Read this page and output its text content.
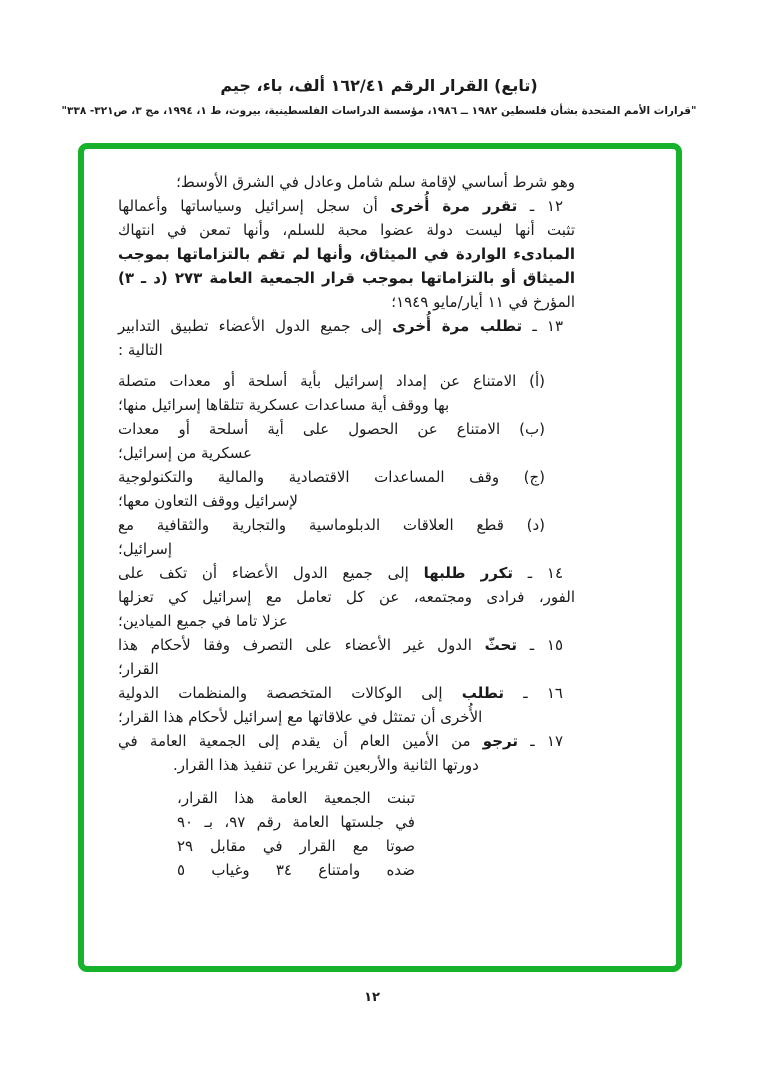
(تابع) القرار الرقم ١٦٢/٤١ ألف، باء، جيم
"قرارات الأمم المتحدة بشأن فلسطين ١٩٨٢ ــ ١٩٨٦، مؤسسة الدراسات الفلسطينية، بيروت، ط ١، ١٩٩٤، مج ٣، ص٣٢١- ٣٣٨"
وهو شرط أساسي لإقامة سلم شامل وعادل في الشرق الأوسط؛
١٢ ـ تقرر مرة أُخرى أن سجل إسرائيل وسياساتها وأعمالها
تثبت أنها ليست دولة عضوا محبة للسلم، وأنها تمعن في انتهاك
المبادىء الواردة في الميثاق، وأنها لم تقم بالتزاماتها بموجب
الميثاق أو بالتزاماتها بموجب قرار الجمعية العامة ٢٧٣ (د ـ ٣)
المؤرخ في ١١ أيار/مايو ١٩٤٩؛
١٣ ـ تطلب مرة أُخرى إلى جميع الدول الأعضاء تطبيق التدابير
التالية :
(أ) الامتناع عن إمداد إسرائيل بأية أسلحة أو معدات متصلة
بها ووقف أية مساعدات عسكرية تتلقاها إسرائيل منها؛
(ب) الامتناع عن الحصول على أية أسلحة أو معدات
عسكرية من إسرائيل؛
(ج) وقف المساعدات الاقتصادية والمالية والتكنولوجية
لإسرائيل ووقف التعاون معها؛
(د) قطع العلاقات الدبلوماسية والتجارية والثقافية مع
إسرائيل؛
١٤ ـ تكرر طلبها إلى جميع الدول الأعضاء أن تكف على
الفور، فرادى ومجتمعه، عن كل تعامل مع إسرائيل كي تعزلها
عزلا تاما في جميع الميادين؛
١٥ ـ تحثّ الدول غير الأعضاء على التصرف وفقا لأحكام هذا
القرار؛
١٦ ـ تطلب إلى الوكالات المتخصصة والمنظمات الدولية
الأُخرى أن تمتثل في علاقاتها مع إسرائيل لأحكام هذا القرار؛
١٧ ـ ترجو من الأمين العام أن يقدم إلى الجمعية العامة في
دورتها الثانية والأربعين تقريرا عن تنفيذ هذا القرار.
تبنت الجمعية العامة هذا القرار،
في جلستها العامة رقم ٩٧، بـ ٩٠
صوتا مع القرار في مقابل ٢٩
ضده وامتناع ٣٤ وغياب ٥
١٢
